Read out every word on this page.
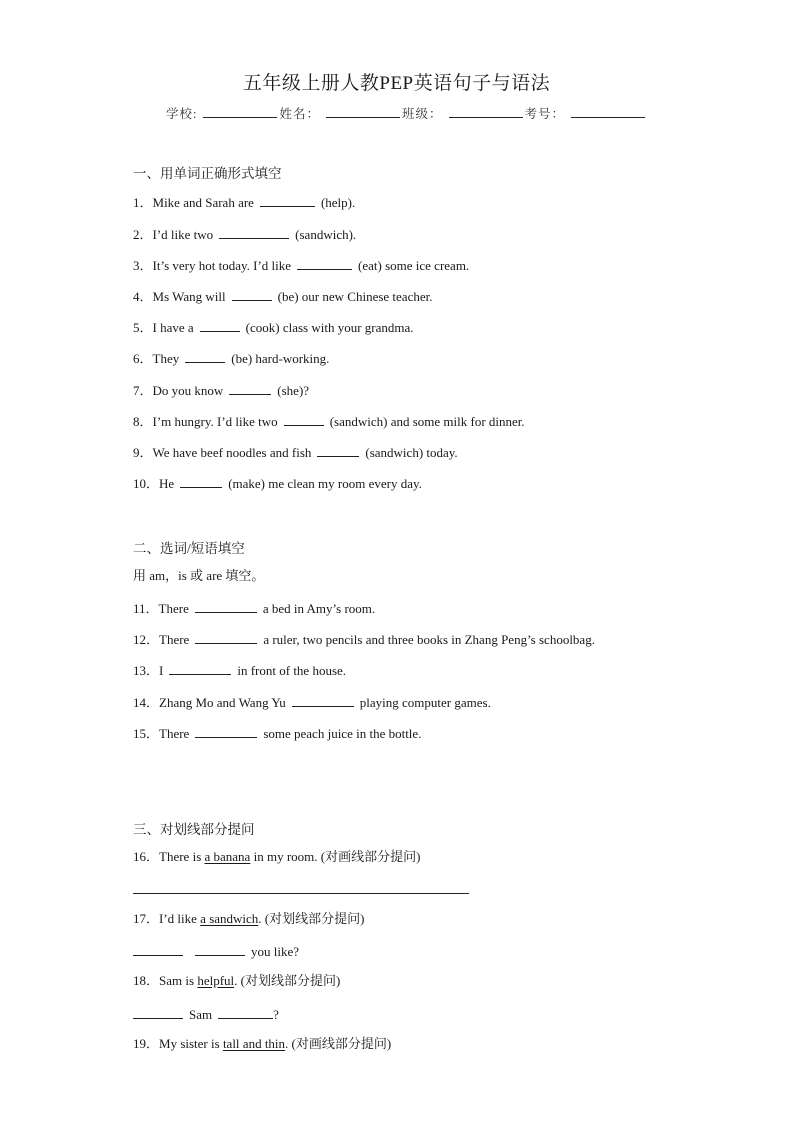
五年级上册人教PEP英语句子与语法
学校:	姓名：	班级：	考号：
一、用单词正确形式填空
1．Mike and Sarah are	(help).
2．I’d like two	(sandwich).
3．It’s very hot today. I’d like	(eat) some ice cream.
4．Ms Wang will	(be) our new Chinese teacher.
5．I have a	(cook) class with your grandma.
6．They	(be) hard-working.
7．Do you know	(she)?
8．I’m hungry. I’d like two	(sandwich) and some milk for dinner.
9．We have beef noodles and fish	(sandwich) today.
10．He	(make) me clean my room every day.
二、选词/短语填空
用 am，is 或 are 填空。
11．There	a bed in Amy’s room.
12．There	a ruler, two pencils and three books in Zhang Peng’s schoolbag.
13．I	in front of the house.
14．Zhang Mo and Wang Yu	playing computer games.
15．There	some peach juice in the bottle.
三、对划线部分提问
16．There is a banana in my room. (对画线部分提问)
17．I’d like a sandwich. (对划线部分提问)
you like?
18．Sam is helpful. (对划线部分提问)
Sam	?
19．My sister is tall and thin. (对画线部分提问)
